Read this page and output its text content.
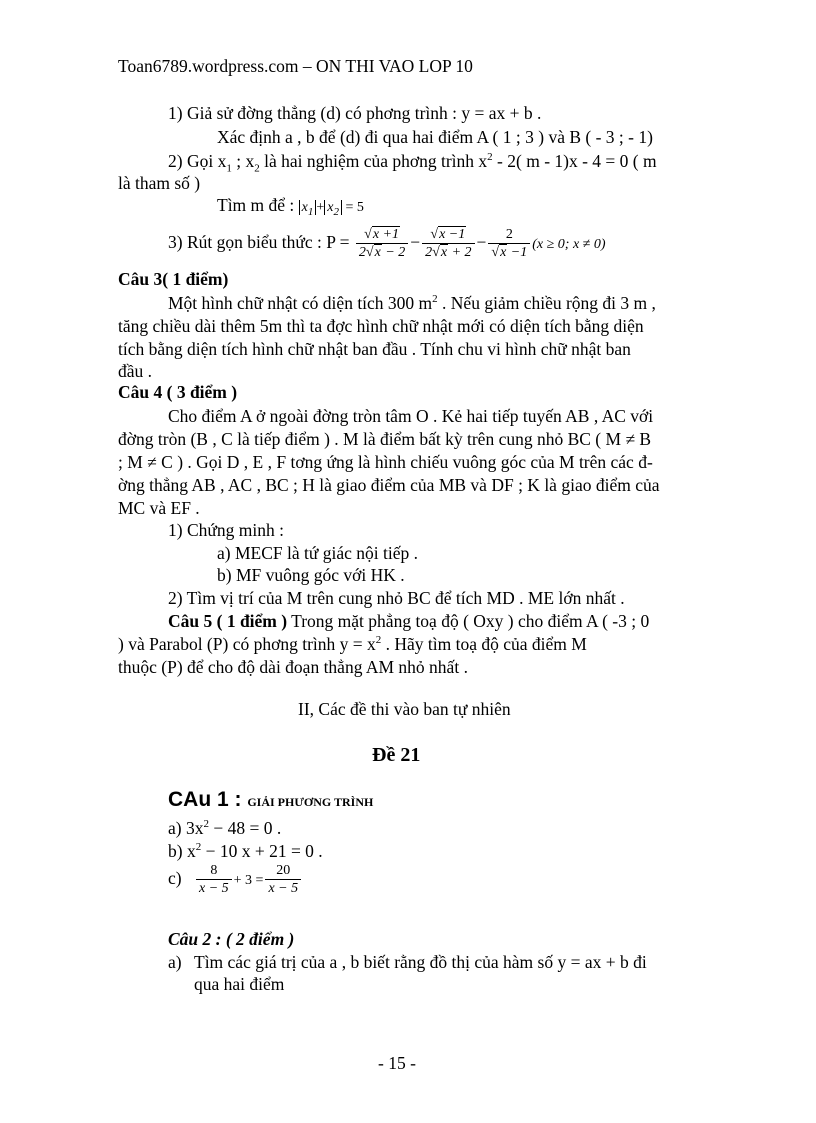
Toan6789.wordpress.com – ON THI VAO LOP 10
1) Giả sử đờng thẳng (d) có phơng trình : y = ax + b .
Xác định a , b để (d) đi qua hai điểm A ( 1 ; 3 ) và B ( - 3 ; - 1)
2) Gọi $x_1$ ; $x_2$ là hai nghiệm của phơng trình $x^2 - 2$( m - 1)x - 4 = 0 ( m
là tham số )
Tìm m để : $x_1 + x_2 = 5$
3) Rút gọn biểu thức : $P = \frac{√x +1}{2√x - 2} - \frac{√x -1}{2√x + 2} - \frac{2}{√x -1} (x \ge 0$; x ≠ 0)
Câu 3( 1 điểm)
Một hình chữ nhật có diện tích 300 $m^2$ . Nếu giảm chiều rộng đi 3 m ,
tăng chiều dài thêm 5m thì ta đợc hình chữ nhật mới có diện tích bằng diện
tích bằng diện tích hình chữ nhật ban đầu . Tính chu vi hình chữ nhật ban
đầu .
Câu 4 ( 3 điểm )
Cho điểm A ở ngoài đờng tròn tâm O . Kẻ hai tiếp tuyến AB , AC với
đờng tròn (B , C là tiếp điểm ) . M là điểm bất kỳ trên cung nhỏ BC ( M ≠ B
; M ≠ C ) . Gọi D , E , F tơng ứng là hình chiếu vuông góc của M trên các đ-
ờng thẳng AB , AC , BC ; H là giao điểm của MB và DF ; K là giao điểm của
MC và EF .
1) Chứng minh :
a) MECF là tứ giác nội tiếp .
b) MF vuông góc với HK .
2) Tìm vị trí của M trên cung nhỏ BC để tích MD . ME lớn nhất .
Câu 5 ( 1 điểm ) Trong mặt phẳng toạ độ ( Oxy ) cho điểm A ( -3 ; 0
) và Parabol (P) có phơng trình $y = x^2$ . Hãy tìm toạ độ của điểm M
thuộc (P) để cho độ dài đoạn thẳng AM nhỏ nhất .
II, Các đề thi vào ban tự nhiên
Đề 21
CAu 1 : GIẢI PHƯƠNG TRÌNH
a) $3x^2 - 48 = 0$ .
b) $x^2 - 10$ x + 21 = 0 .
$c) \frac{8}{x - 5} + 3 = \frac{20}{x - 5}$
Câu 2 : ( 2 điểm )
a) Tìm các giá trị của a , b biết rằng đồ thị của hàm số y = ax + b đi
qua hai điểm
- 15 -
